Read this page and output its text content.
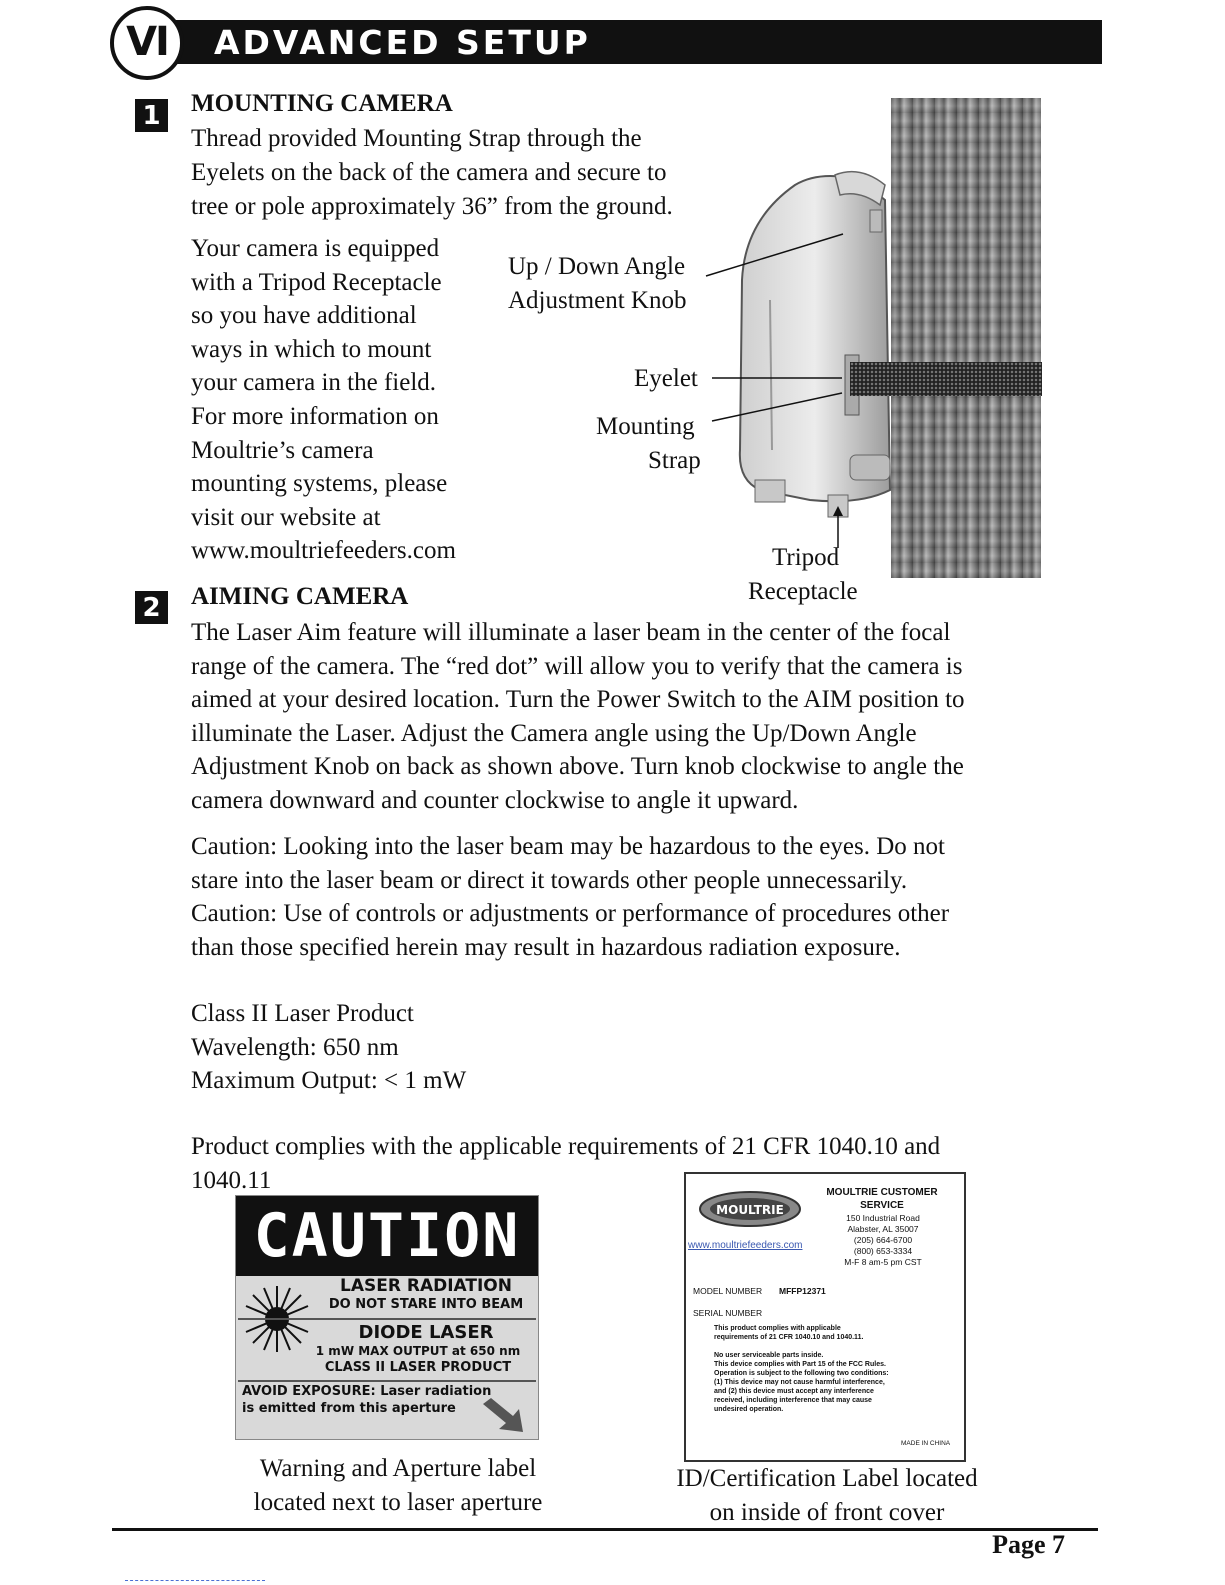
ADVANCED SETUP
VI
1 MOUNTING CAMERA
Thread provided Mounting Strap through the
Eyelets on the back of the camera and secure to
tree or pole approximately 36” from the ground.
Your camera is equipped
with a Tripod Receptacle
so you have additional
ways in which to mount
your camera in the field.
For more information on
Moultrie’s camera
mounting systems, please
visit our website at
www.moultriefeeders.com
Up / Down Angle
Adjustment Knob
Eyelet
Mounting
Strap
Tripod
Receptacle
2 AIMING CAMERA
The Laser Aim feature will illuminate a laser beam in the center of the focal
range of the camera. The “red dot” will allow you to verify that the camera is
aimed at your desired location. Turn the Power Switch to the AIM position to
illuminate the Laser. Adjust the Camera angle using the Up/Down Angle
Adjustment Knob on back as shown above. Turn knob clockwise to angle the
camera downward and counter clockwise to angle it upward.
Caution: Looking into the laser beam may be hazardous to the eyes. Do not
stare into the laser beam or direct it towards other people unnecessarily.
Caution: Use of controls or adjustments or performance of procedures other
than those specified herein may result in hazardous radiation exposure.
Class II Laser Product
Wavelength: 650 nm
Maximum Output: < 1 mW
Product complies with the applicable requirements of 21 CFR 1040.10 and
1040.11
CAUTION
LASER RADIATION
DO NOT STARE INTO BEAM
DIODE LASER
1 mW MAX OUTPUT at 650 nm
CLASS II LASER PRODUCT
AVOID EXPOSURE: Laser radiation
is emitted from this aperture
Warning and Aperture label
located next to laser aperture
MOULTRIE
www.moultriefeeders.com
MOULTRIE CUSTOMER
SERVICE
150 Industrial Road
Alabster, AL 35007
(205) 664-6700
(800) 653-3334
M-F 8 am-5 pm CST
MODEL NUMBER MFFP12371
SERIAL NUMBER
This product complies with applicable
requirements of 21 CFR 1040.10 and 1040.11.

No user serviceable parts inside.
This device complies with Part 15 of the FCC Rules.
Operation is subject to the following two conditions:
(1) This device may not cause harmful interference,
and (2) this device must accept any interference
received, including interference that may cause
undesired operation.
MADE IN CHINA
ID/Certification Label located
on inside of front cover
Page 7
